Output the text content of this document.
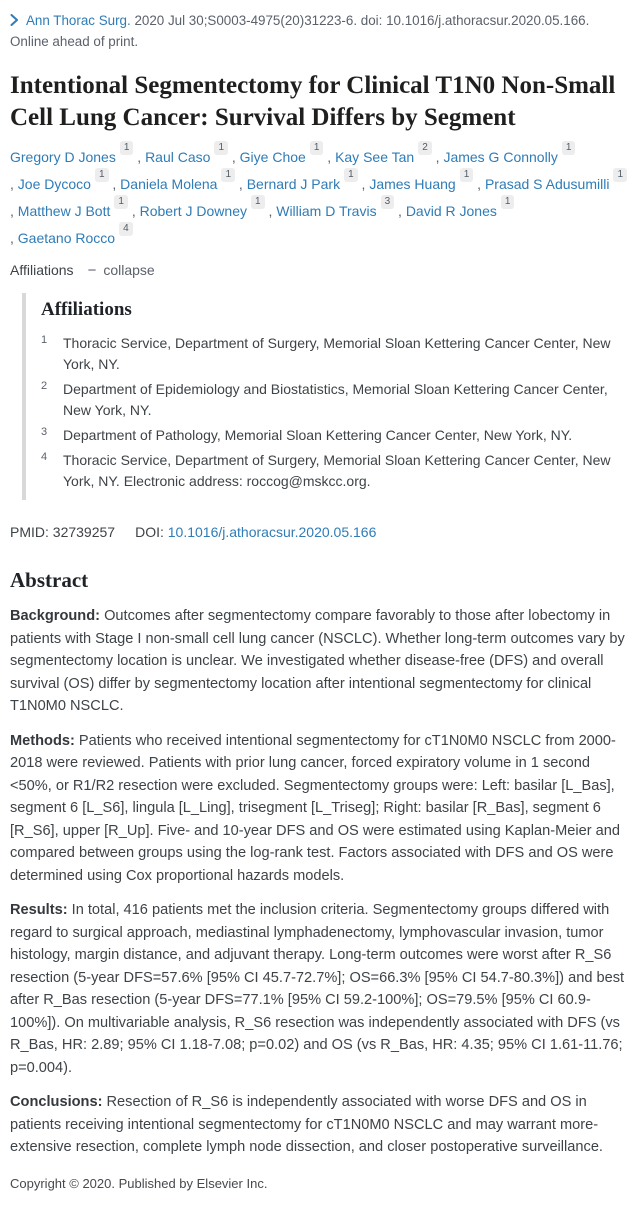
Ann Thorac Surg. 2020 Jul 30;S0003-4975(20)31223-6. doi: 10.1016/j.athoracsur.2020.05.166.
Online ahead of print.
Intentional Segmentectomy for Clinical T1N0 Non-Small Cell Lung Cancer: Survival Differs by Segment
Gregory D Jones$^1$ , Raul Caso$^1$ , Giye Choe$^1$ , Kay See Tan$^2$ , James G Connolly$^1$ , Joe Dycoco$^1$ , Daniela Molena$^1$ , Bernard J Park$^1$ , James Huang$^1$ , Prasad S Adusumilli$^1$ , Matthew J Bott$^1$ , Robert J Downey$^1$ , William D Travis$^3$ , David R Jones$^1$ , Gaetano Rocco$^4$
Affiliations − collapse
Affiliations
1	Thoracic Service, Department of Surgery, Memorial Sloan Kettering Cancer Center, New York, NY.
2	Department of Epidemiology and Biostatistics, Memorial Sloan Kettering Cancer Center, New York, NY.
3	Department of Pathology, Memorial Sloan Kettering Cancer Center, New York, NY.
4	Thoracic Service, Department of Surgery, Memorial Sloan Kettering Cancer Center, New York, NY. Electronic address: roccog@mskcc.org.
PMID: 32739257 DOI: 10.1016/j.athoracsur.2020.05.166
Abstract

Background: Outcomes after segmentectomy compare favorably to those after lobectomy in patients with Stage I non-small cell lung cancer (NSCLC). Whether long-term outcomes vary by segmentectomy location is unclear. We investigated whether disease-free (DFS) and overall survival (OS) differ by segmentectomy location after intentional segmentectomy for clinical T1N0M0 NSCLC.

Methods: Patients who received intentional segmentectomy for cT1N0M0 NSCLC from 2000-2018 were reviewed. Patients with prior lung cancer, forced expiratory volume in 1 second <50%, or R1/R2 resection were excluded. Segmentectomy groups were: Left: basilar [L_Bas], segment 6 [L_S6], lingula [L_Ling], trisegment [L_Triseg]; Right: basilar [R_Bas], segment 6 [R_S6], upper [R_Up]. Five- and 10-year DFS and OS were estimated using Kaplan-Meier and compared between groups using the log-rank test. Factors associated with DFS and OS were determined using Cox proportional hazards models.

Results: In total, 416 patients met the inclusion criteria. Segmentectomy groups differed with regard to surgical approach, mediastinal lymphadenectomy, lymphovascular invasion, tumor histology, margin distance, and adjuvant therapy. Long-term outcomes were worst after R_S6 resection (5-year DFS=57.6% [95% CI 45.7-72.7%]; OS=66.3% [95% CI 54.7-80.3%]) and best after R_Bas resection (5-year DFS=77.1% [95% CI 59.2-100%]; OS=79.5% [95% CI 60.9-100%]). On multivariable analysis, R_S6 resection was independently associated with DFS (vs R_Bas, HR: 2.89; 95% CI 1.18-7.08; p=0.02) and OS (vs R_Bas, HR: 4.35; 95% CI 1.61-11.76; p=0.004).

Conclusions: Resection of R_S6 is independently associated with worse DFS and OS in patients receiving intentional segmentectomy for cT1N0M0 NSCLC and may warrant more-extensive resection, complete lymph node dissection, and closer postoperative surveillance.

Copyright © 2020. Published by Elsevier Inc.
